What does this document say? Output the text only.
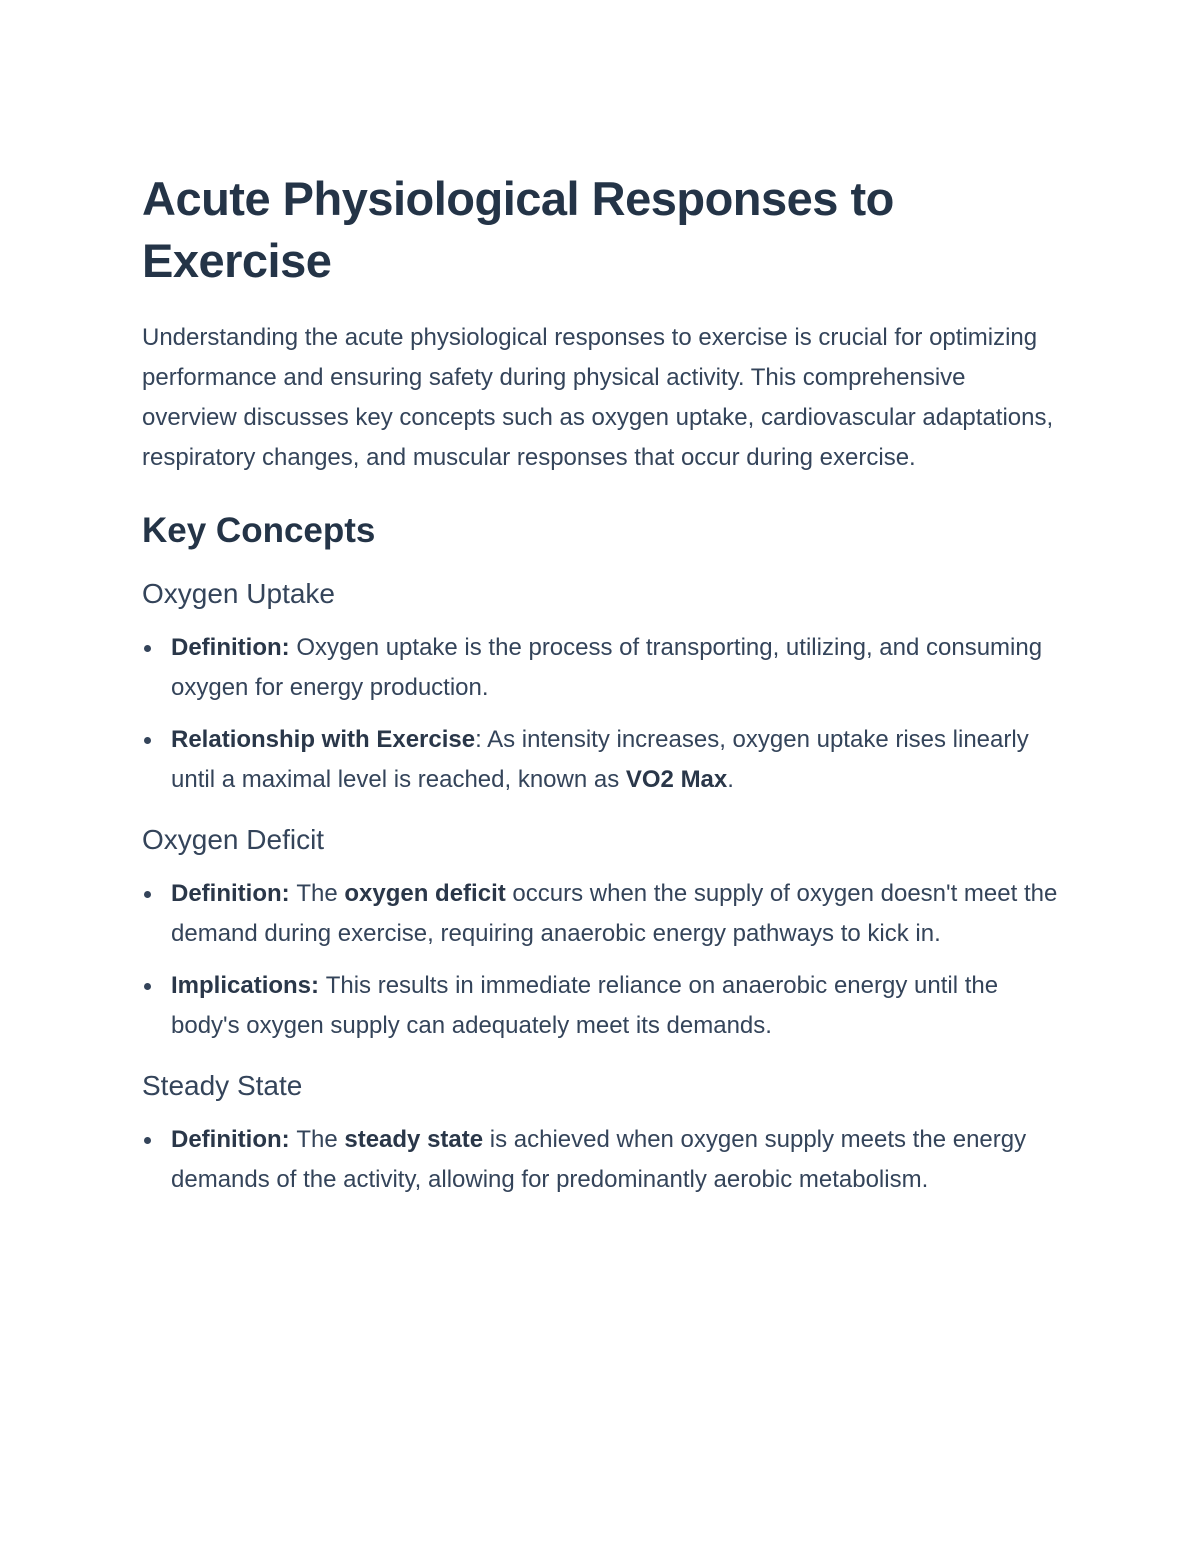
Acute Physiological Responses to Exercise

Understanding the acute physiological responses to exercise is crucial for optimizing performance and ensuring safety during physical activity. This comprehensive overview discusses key concepts such as oxygen uptake, cardiovascular adaptations, respiratory changes, and muscular responses that occur during exercise.

Key Concepts
Oxygen Uptake
Definition: Oxygen uptake is the process of transporting, utilizing, and consuming oxygen for energy production.
Relationship with Exercise: As intensity increases, oxygen uptake rises linearly until a maximal level is reached, known as VO2 Max.
Oxygen Deficit
Definition: The oxygen deficit occurs when the supply of oxygen doesn't meet the demand during exercise, requiring anaerobic energy pathways to kick in.
Implications: This results in immediate reliance on anaerobic energy until the body's oxygen supply can adequately meet its demands.
Steady State
Definition: The steady state is achieved when oxygen supply meets the energy demands of the activity, allowing for predominantly aerobic metabolism.
